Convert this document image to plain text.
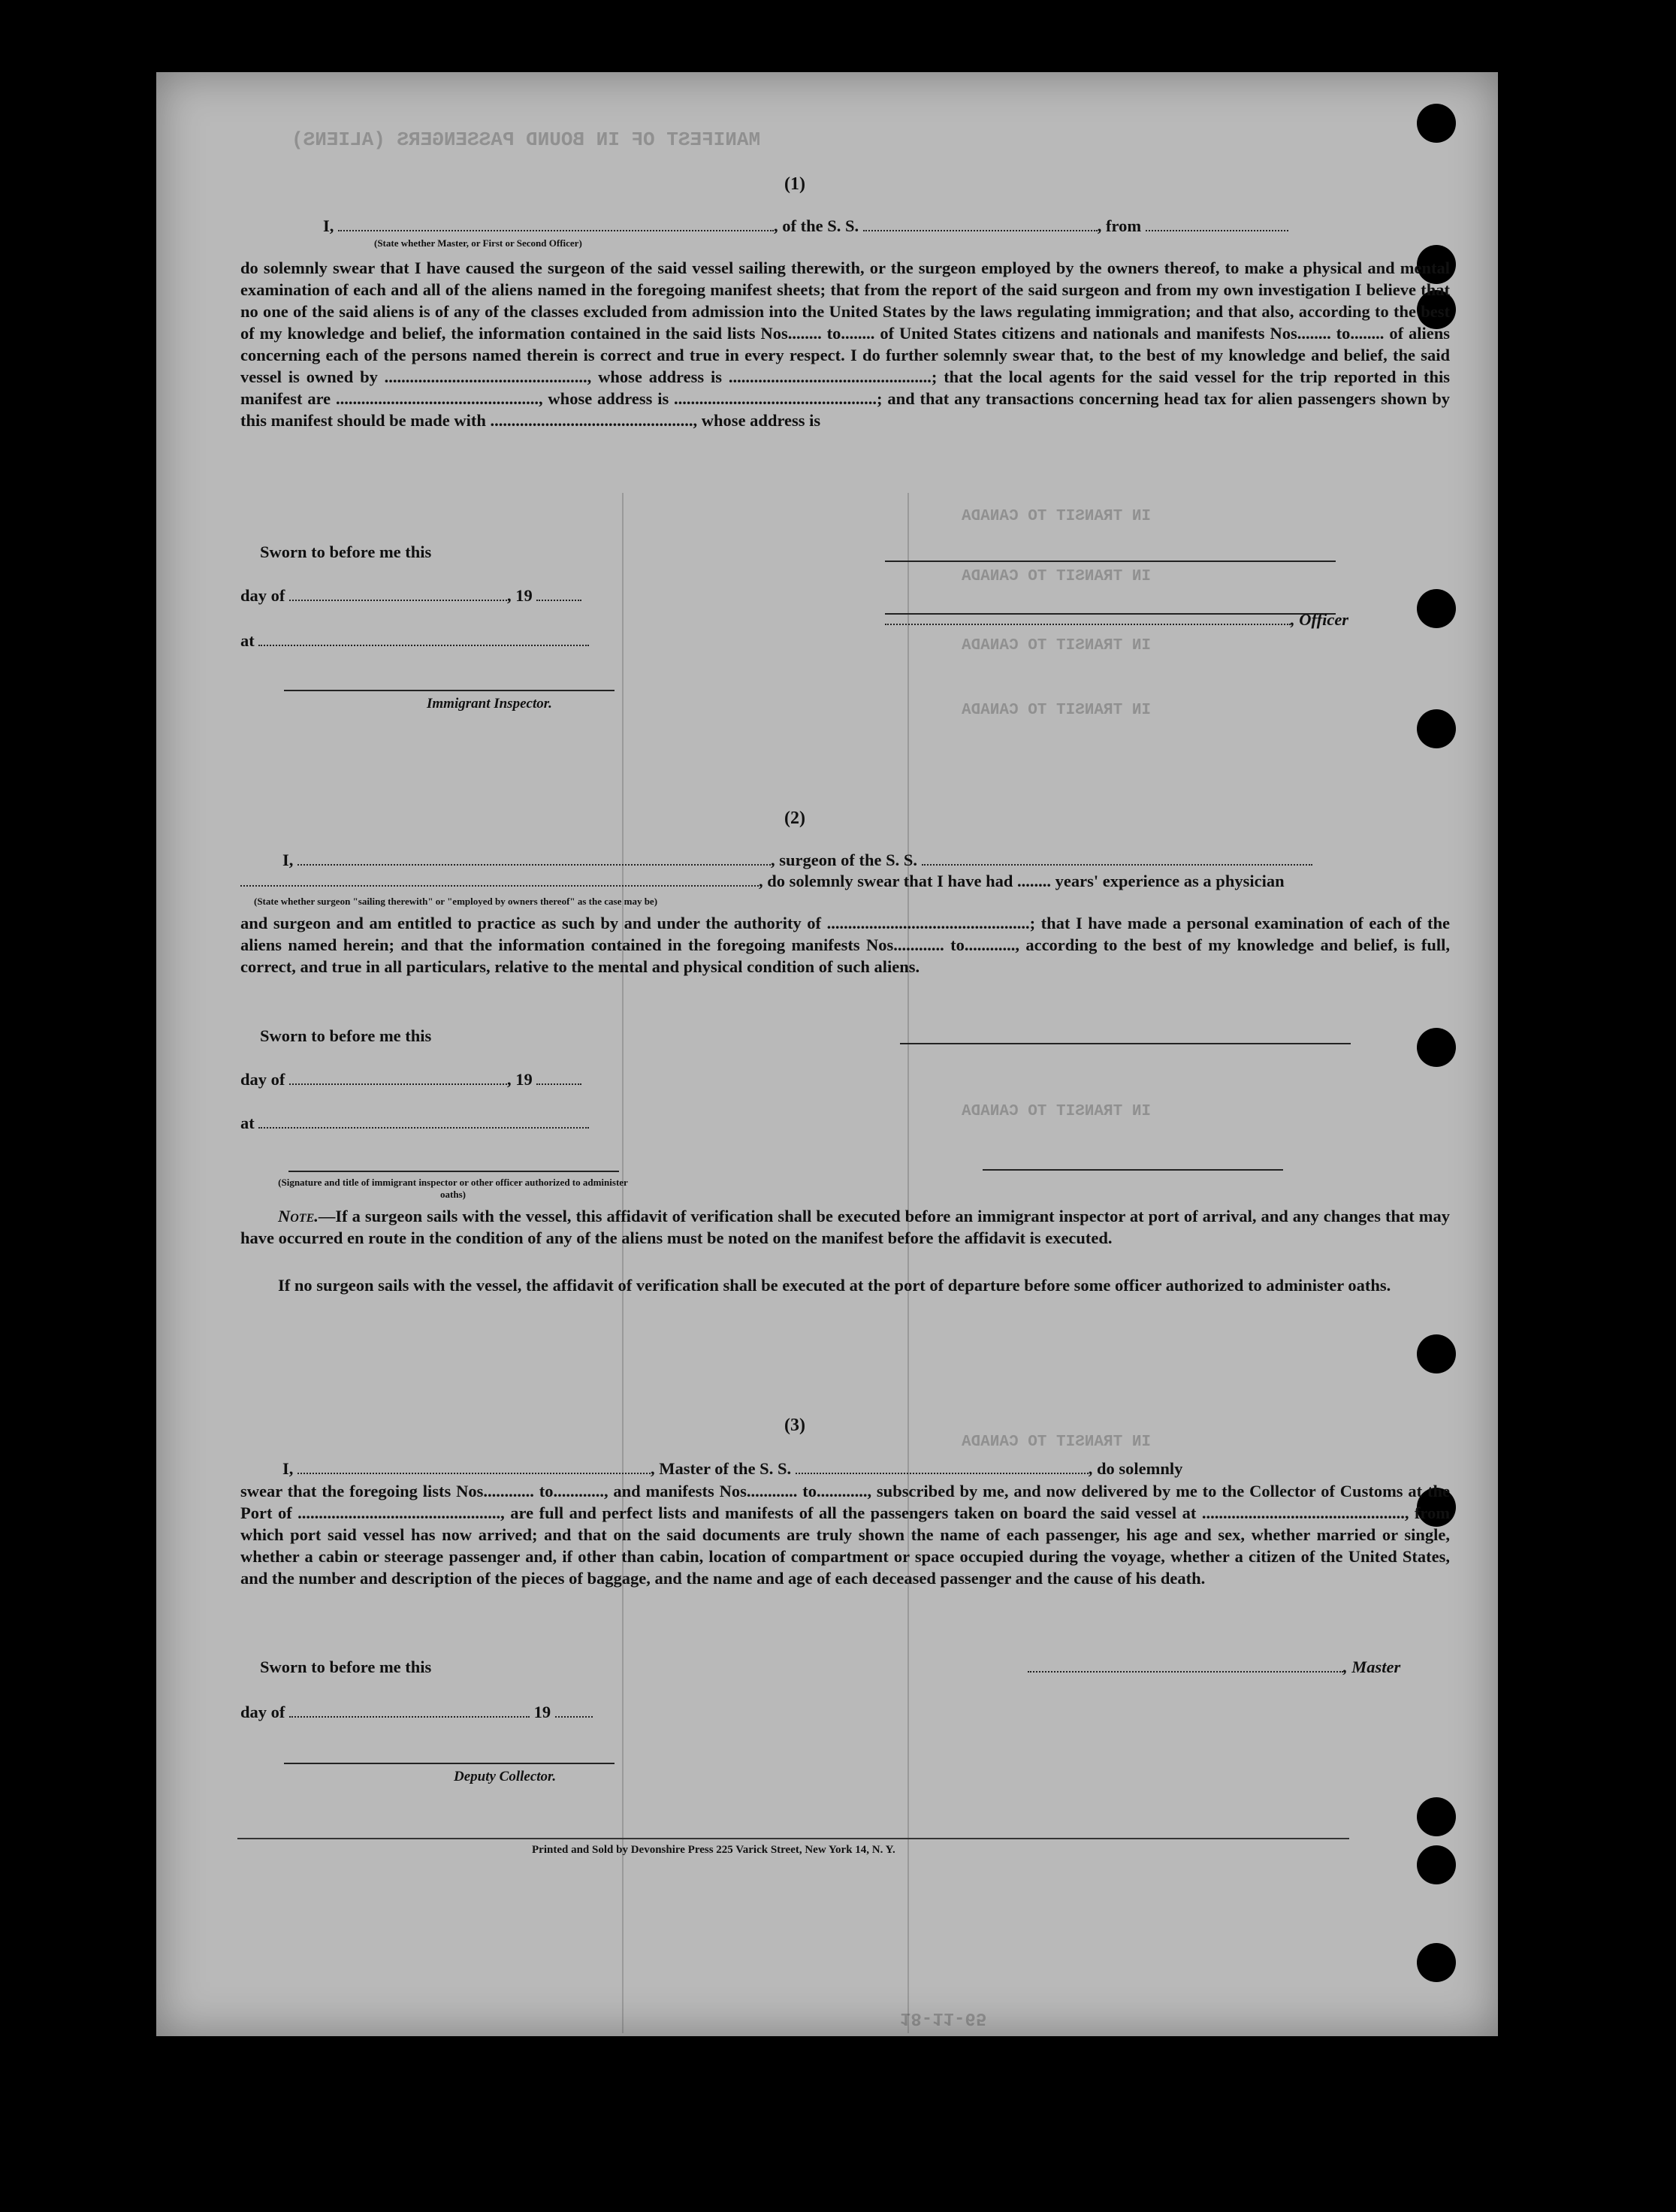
MANIFEST OF IN BOUND PASSENGERS (ALIENS)
IN TRANSIT TO CANADA
IN TRANSIT TO CANADA
IN TRANSIT TO CANADA
IN TRANSIT TO CANADA
IN TRANSIT TO CANADA
IN TRANSIT TO CANADA
18-11-65
(1)
I,	, of the S. S.	, from
(State whether Master, or First or Second Officer)
do solemnly swear that I have caused the surgeon of the said vessel sailing therewith, or the surgeon employed by the owners thereof, to make a physical and mental examination of each and all of the aliens named in the foregoing manifest sheets; that from the report of the said surgeon and from my own investigation I believe that no one of the said aliens is of any of the classes excluded from admission into the United States by the laws regulating immigration; and that also, according to the best of my knowledge and belief, the information contained in the said lists Nos........ to........ of United States citizens and nationals and manifests Nos........ to........ of aliens concerning each of the persons named therein is correct and true in every respect. I do further solemnly swear that, to the best of my knowledge and belief, the said vessel is owned by ................................................, whose address is ................................................; that the local agents for the said vessel for the trip reported in this manifest are ................................................, whose address is ................................................; and that any transactions concerning head tax for alien passengers shown by this manifest should be made with ................................................, whose address is
Sworn to before me this
day of	, 19
at
Immigrant Inspector.
, Officer
(2)
I,	, surgeon of the S. S.
, do solemnly swear that I have had ........ years' experience as a physician
(State whether surgeon "sailing therewith" or "employed by owners thereof" as the case may be)
and surgeon and am entitled to practice as such by and under the authority of ................................................; that I have made a personal examination of each of the aliens named herein; and that the information contained in the foregoing manifests Nos............ to............, according to the best of my knowledge and belief, is full, correct, and true in all particulars, relative to the mental and physical condition of such aliens.
Sworn to before me this
day of	, 19
at
(Signature and title of immigrant inspector or other officer authorized to administer oaths)
Note.—If a surgeon sails with the vessel, this affidavit of verification shall be executed before an immigrant inspector at port of arrival, and any changes that may have occurred en route in the condition of any of the aliens must be noted on the manifest before the affidavit is executed.
If no surgeon sails with the vessel, the affidavit of verification shall be executed at the port of departure before some officer authorized to administer oaths.
(3)
I,	, Master of the S. S.	, do solemnly
swear that the foregoing lists Nos............ to............, and manifests Nos............ to............, subscribed by me, and now delivered by me to the Collector of Customs at the Port of ................................................, are full and perfect lists and manifests of all the passengers taken on board the said vessel at ................................................, from which port said vessel has now arrived; and that on the said documents are truly shown the name of each passenger, his age and sex, whether married or single, whether a cabin or steerage passenger and, if other than cabin, location of compartment or space occupied during the voyage, whether a citizen of the United States, and the number and description of the pieces of baggage, and the name and age of each deceased passenger and the cause of his death.
Sworn to before me this	, Master
day of	19
Deputy Collector.
Printed and Sold by Devonshire Press 225 Varick Street, New York 14, N. Y.
